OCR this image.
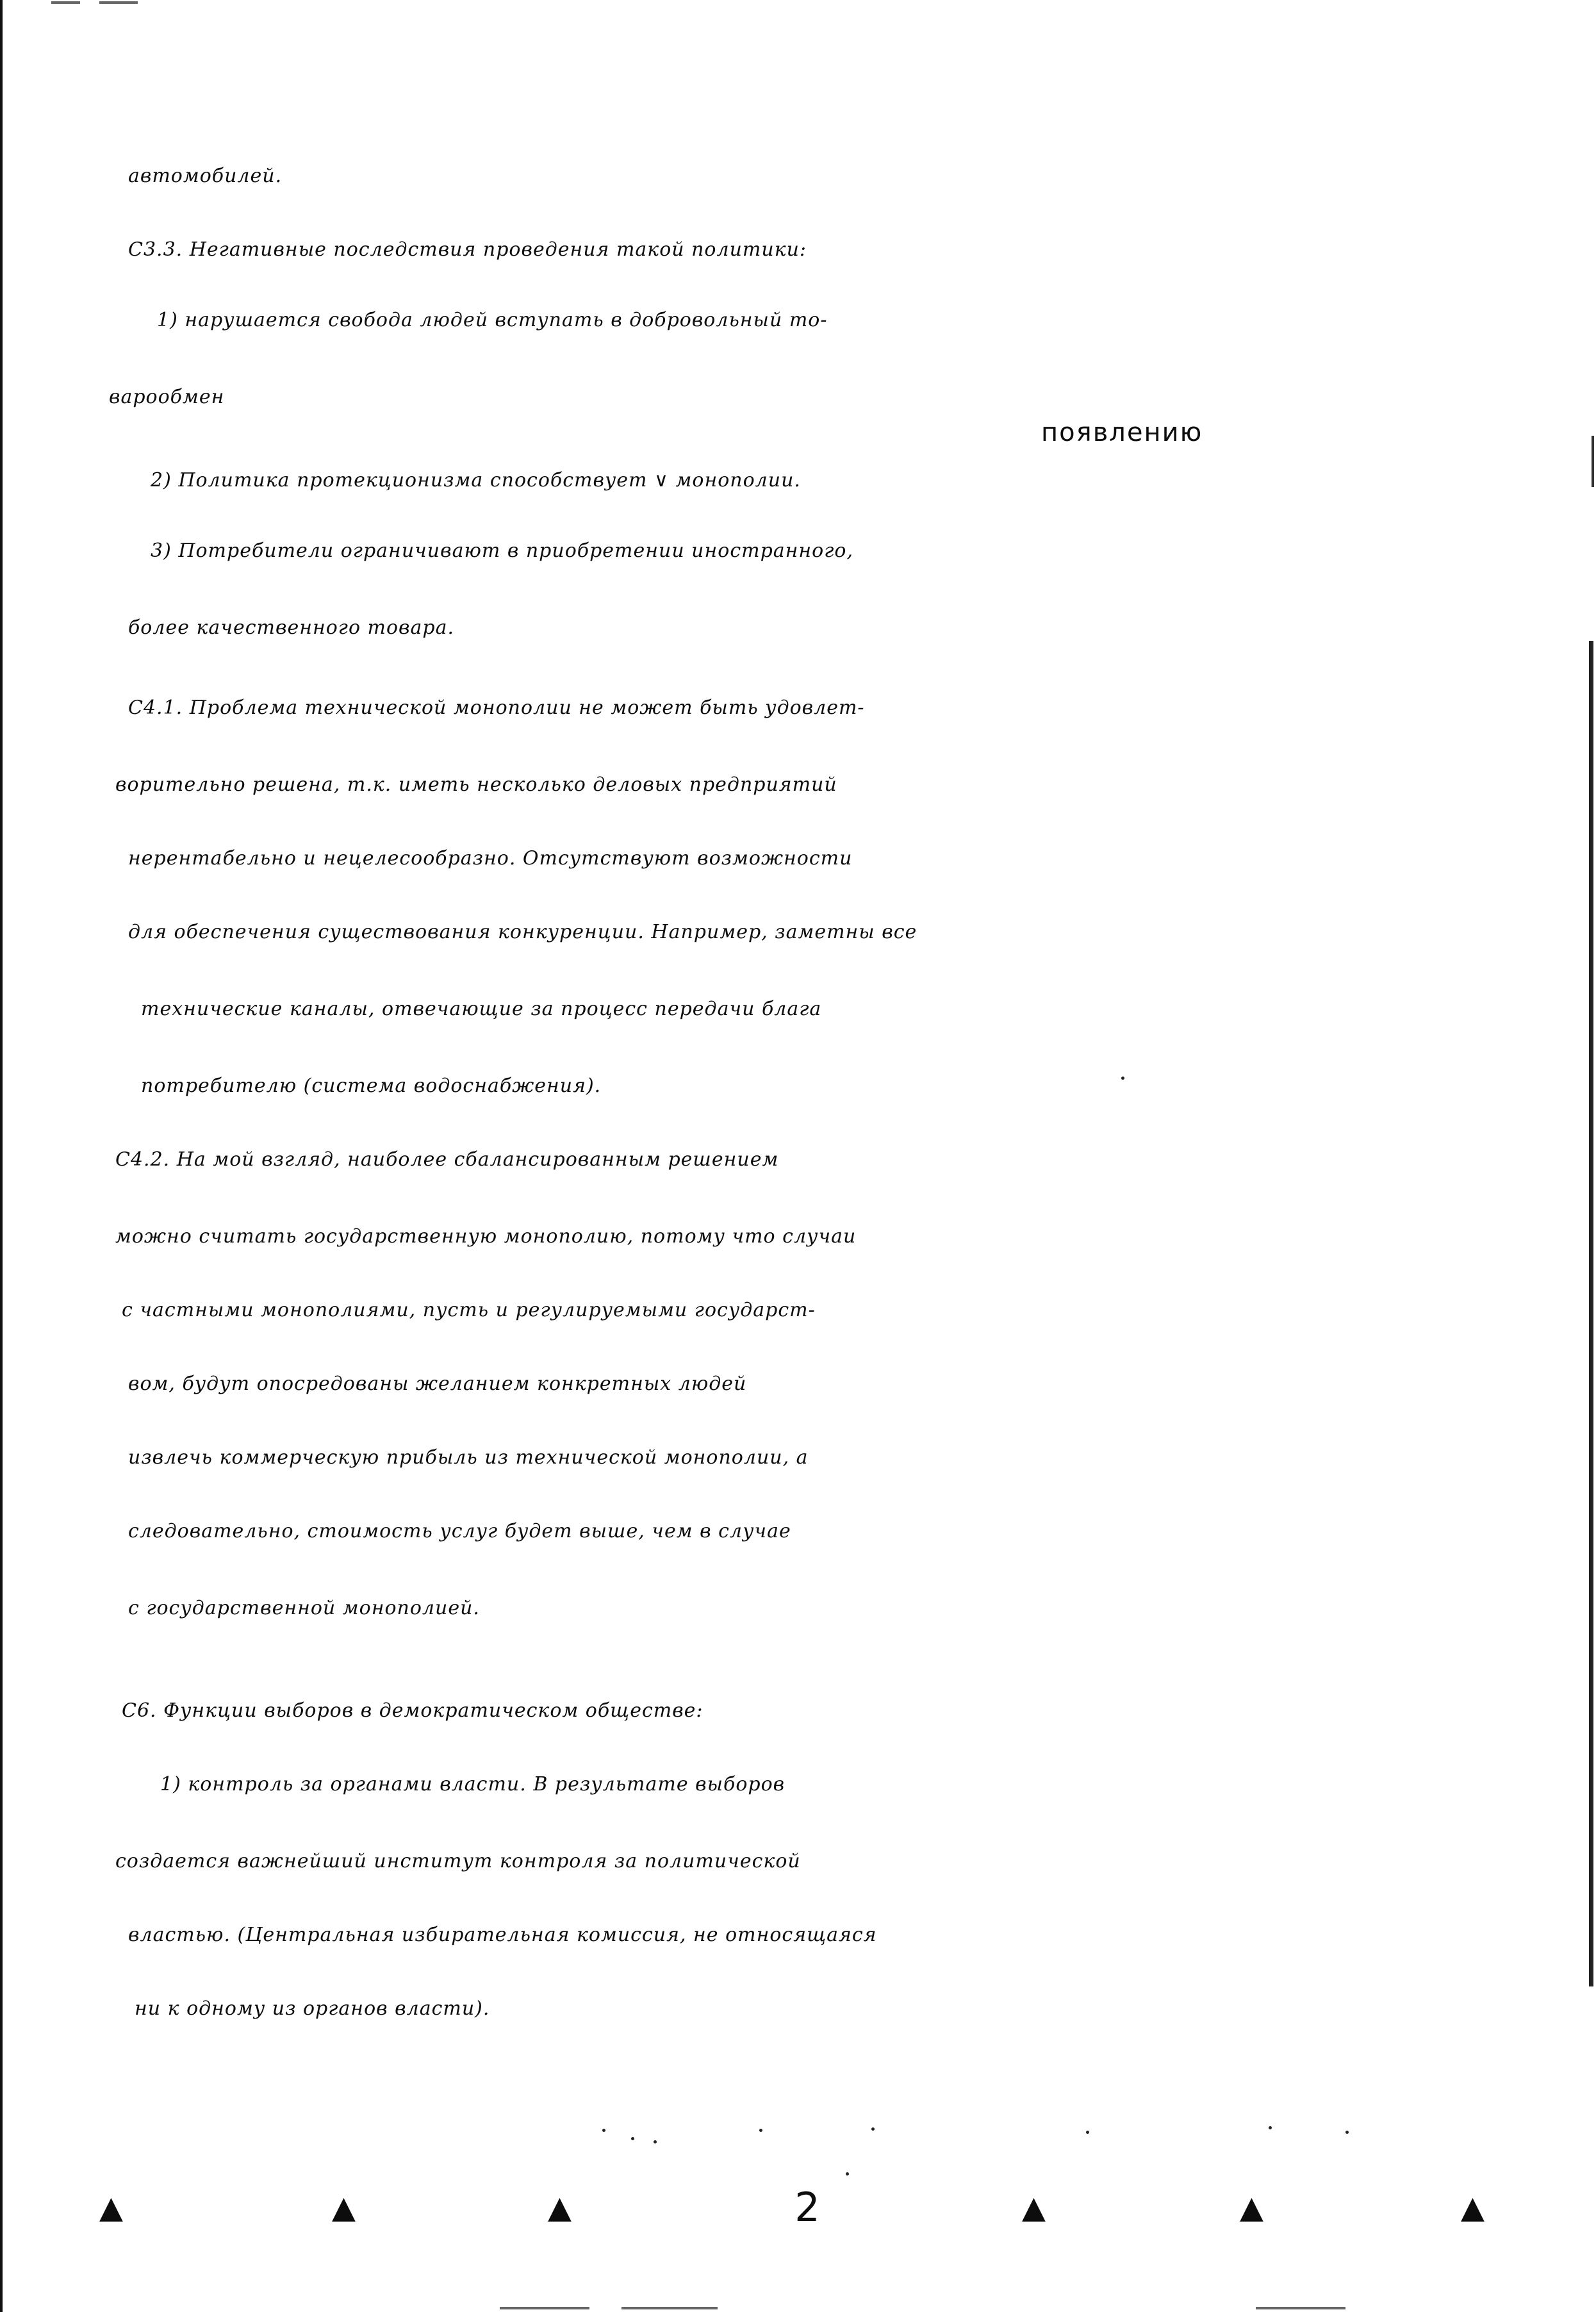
автомобилей.
С3.3. Негативные последствия проведения такой политики:
1) нарушается свобода людей вступать в добровольный то-
варообмен
появлению
2) Политика протекционизма способствует ∨ монополии.
3) Потребители ограничивают в приобретении иностранного,
более качественного товара.
С4.1. Проблема технической монополии не может быть удовлет-
ворительно решена, т.к. иметь несколько деловых предприятий
нерентабельно и нецелесообразно. Отсутствуют возможности
для обеспечения существования конкуренции. Например, заметны все
технические каналы, отвечающие за процесс передачи блага
потребителю (система водоснабжения).
С4.2. На мой взгляд, наиболее сбалансированным решением
можно считать государственную монополию, потому что случаи
с частными монополиями, пусть и регулируемыми государст-
вом, будут опосредованы желанием конкретных людей
извлечь коммерческую прибыль из технической монополии, а
следовательно, стоимость услуг будет выше, чем в случае
с государственной монополией.
С6. Функции выборов в демократическом обществе:
1) контроль за органами власти. В результате выборов
создается важнейший институт контроля за политической
властью. (Центральная избирательная комиссия, не относящаяся
ни к одному из органов власти).
▲	▲	▲	2	▲	▲	▲
